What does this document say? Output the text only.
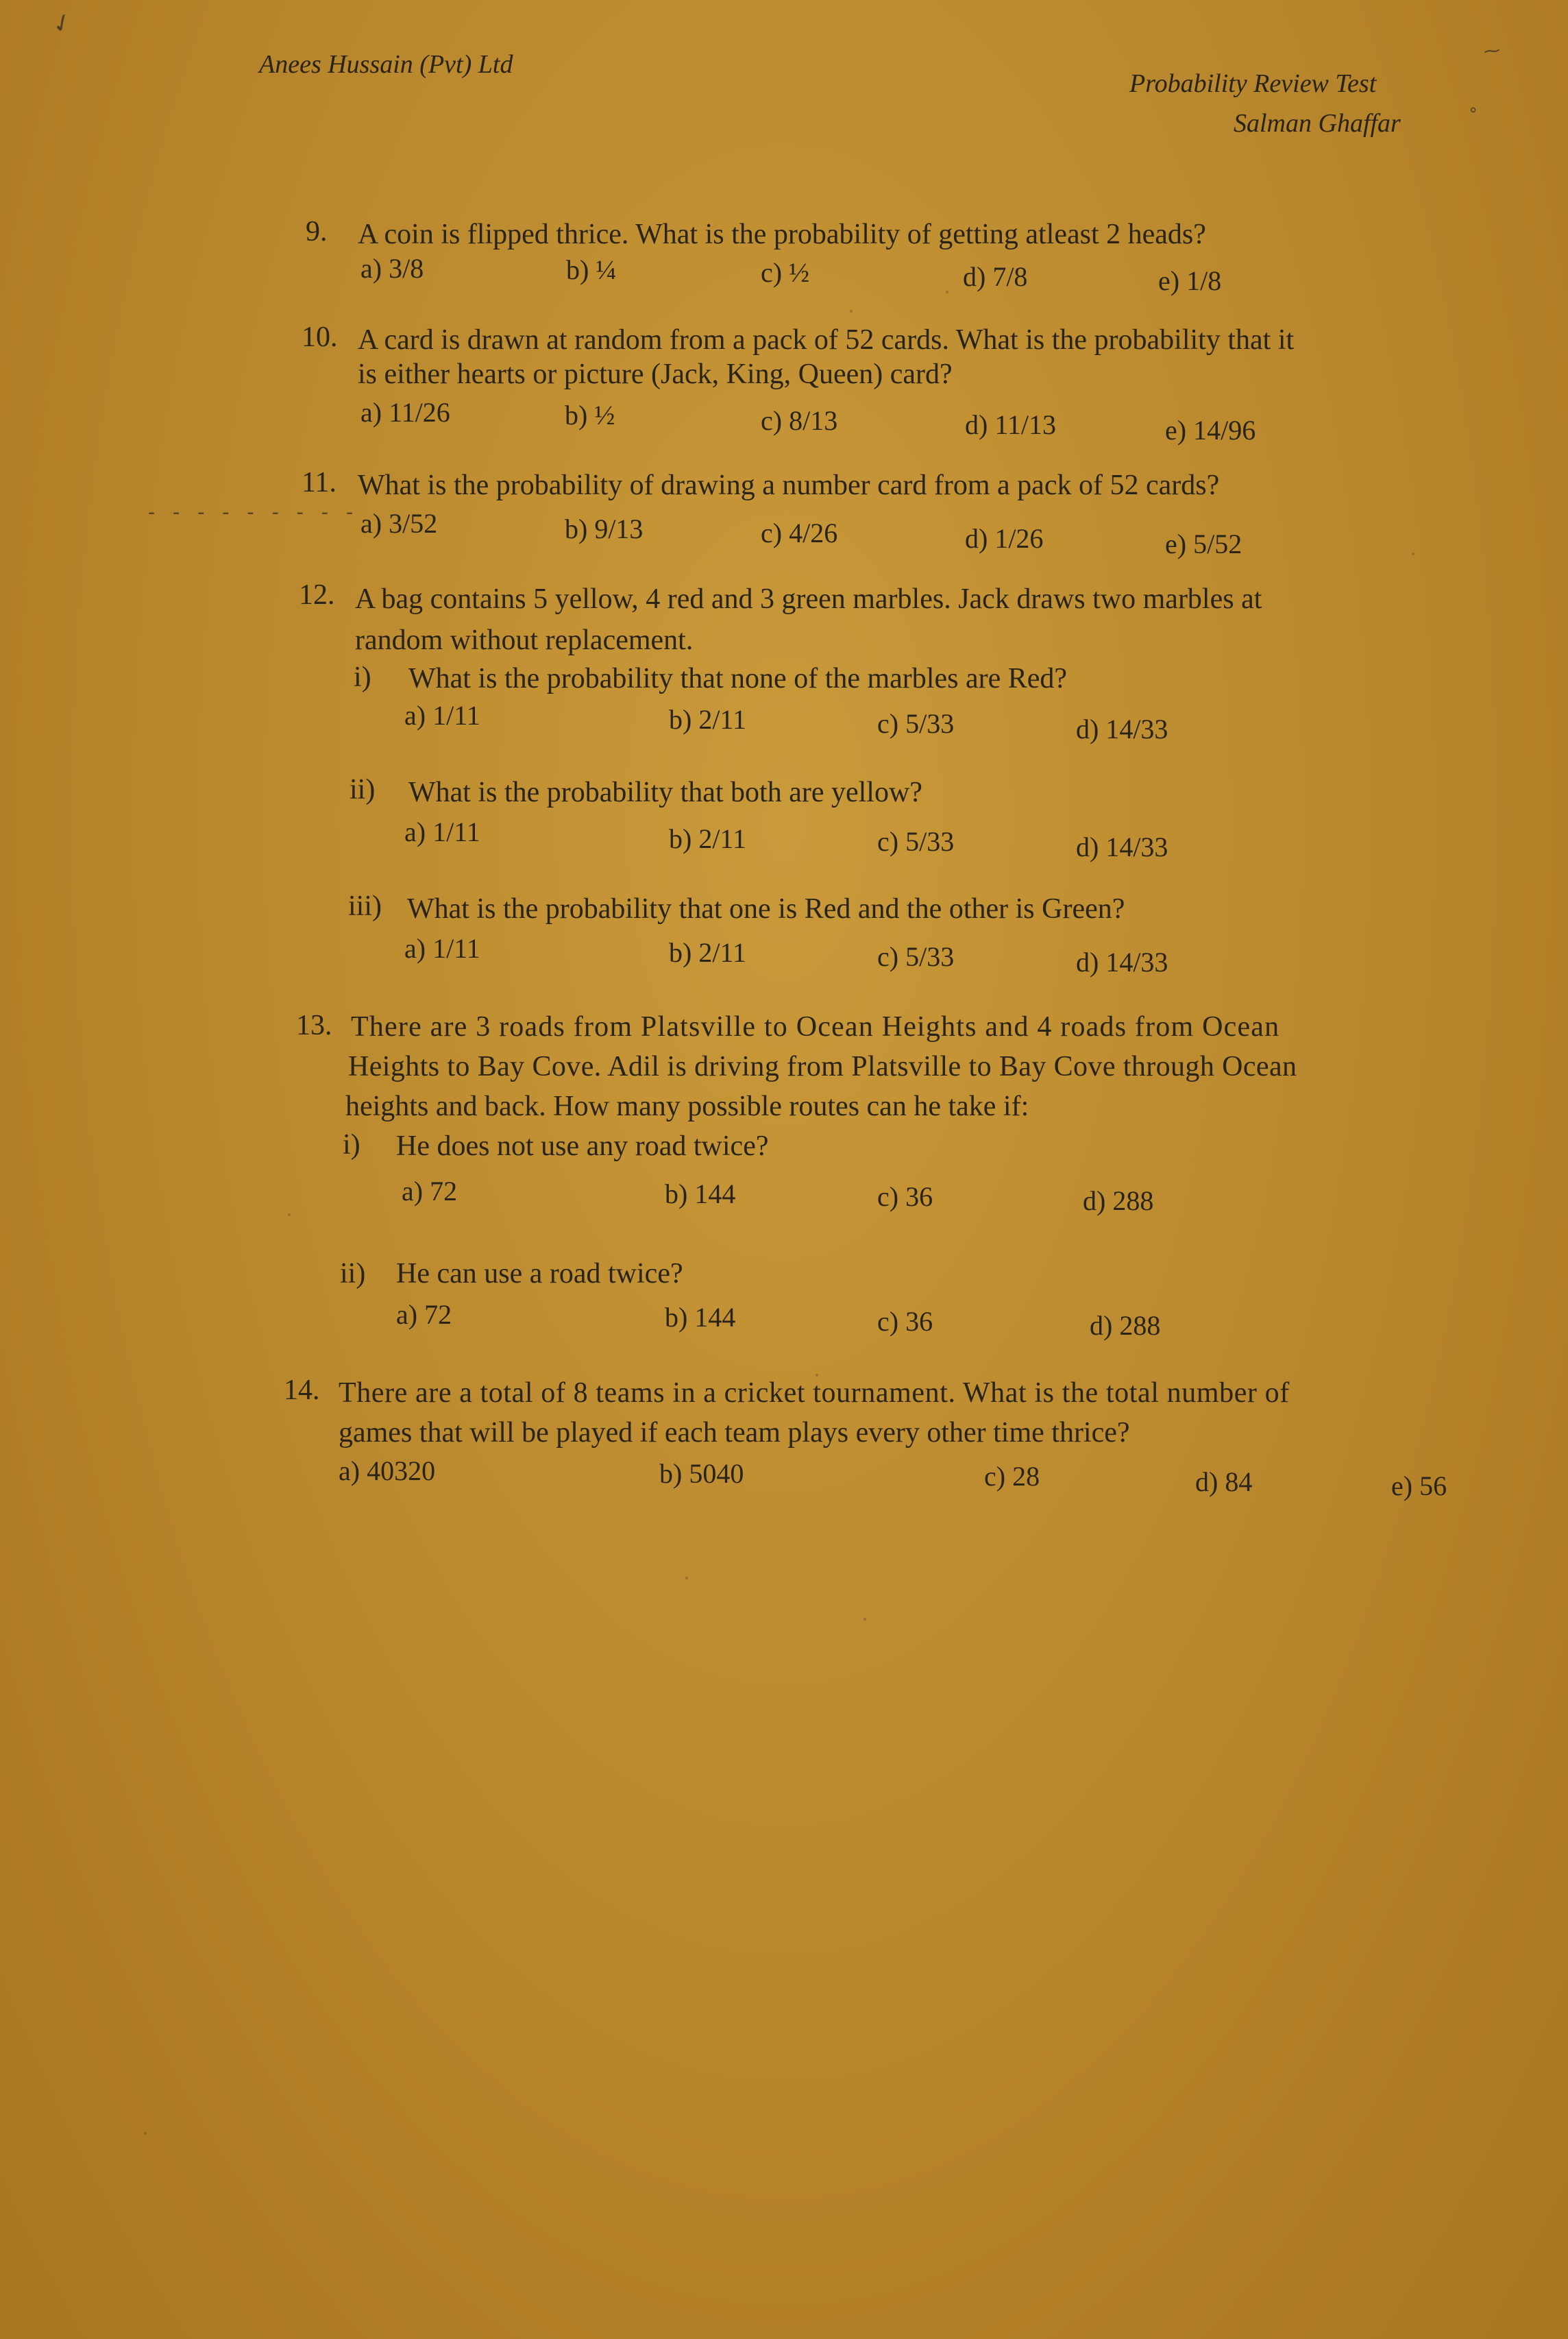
Anees Hussain (Pvt) Ltd
Probability Review Test
Salman Ghaffar
⁓
∘
✓
9. A coin is flipped thrice. What is the probability of getting atleast 2 heads?
a) 3/8	b) ¼	c) ½	d) 7/8	e) 1/8
10. A card is drawn at random from a pack of 52 cards. What is the probability that it
is either hearts or picture (Jack, King, Queen) card?
a) 11/26	b) ½	c) 8/13	d) 11/13	e) 14/96
- - - - - - - - -
11. What is the probability of drawing a number card from a pack of 52 cards?
a) 3/52	b) 9/13	c) 4/26	d) 1/26	e) 5/52
12. A bag contains 5 yellow, 4 red and 3 green marbles. Jack draws two marbles at
random without replacement.
i) What is the probability that none of the marbles are Red?
a) 1/11	b) 2/11	c) 5/33	d) 14/33
ii) What is the probability that both are yellow?
a) 1/11	b) 2/11	c) 5/33	d) 14/33
iii) What is the probability that one is Red and the other is Green?
a) 1/11	b) 2/11	c) 5/33	d) 14/33
13. There are 3 roads from Platsville to Ocean Heights and 4 roads from Ocean
Heights to Bay Cove. Adil is driving from Platsville to Bay Cove through Ocean
heights and back. How many possible routes can he take if:
i) He does not use any road twice?
a) 72	b) 144	c) 36	d) 288
ii) He can use a road twice?
a) 72	b) 144	c) 36	d) 288
14. There are a total of 8 teams in a cricket tournament. What is the total number of
games that will be played if each team plays every other time thrice?
a) 40320	b) 5040	c) 28	d) 84	e) 56
